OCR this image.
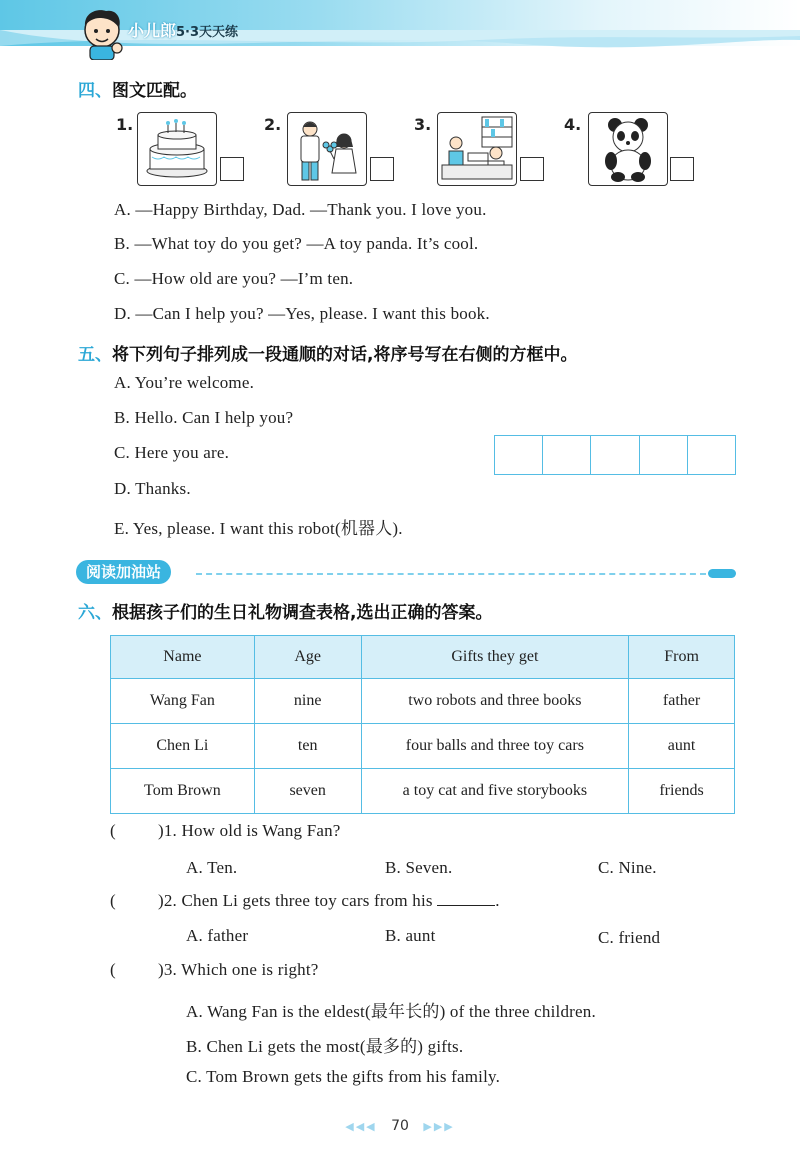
小儿郎5·3天天练
四、图文匹配。
1.	2.	3.	4.
A. —Happy Birthday, Dad. —Thank you. I love you.
B. —What toy do you get? —A toy panda. It’s cool.
C. —How old are you? —I’m ten.
D. —Can I help you? —Yes, please. I want this book.
五、将下列句子排列成一段通顺的对话,将序号写在右侧的方框中。
A. You’re welcome.
B. Hello. Can I help you?
C. Here you are.
D. Thanks.
E. Yes, please. I want this robot(机器人).
阅读加油站
六、根据孩子们的生日礼物调查表格,选出正确的答案。
Name	Age	Gifts they get	From
Wang Fan	nine	two robots and three books	father
Chen Li	ten	four balls and three toy cars	aunt
Tom Brown	seven	a toy cat and five storybooks	friends
( )1. How old is Wang Fan?
A. Ten.	B. Seven.	C. Nine.
( )2. Chen Li gets three toy cars from his	.
A. father	B. aunt	C. friend
( )3. Which one is right?
A. Wang Fan is the eldest(最年长的) of the three children.
B. Chen Li gets the most(最多的) gifts.
C. Tom Brown gets the gifts from his family.
◀◀◀ 70 ▶▶▶
